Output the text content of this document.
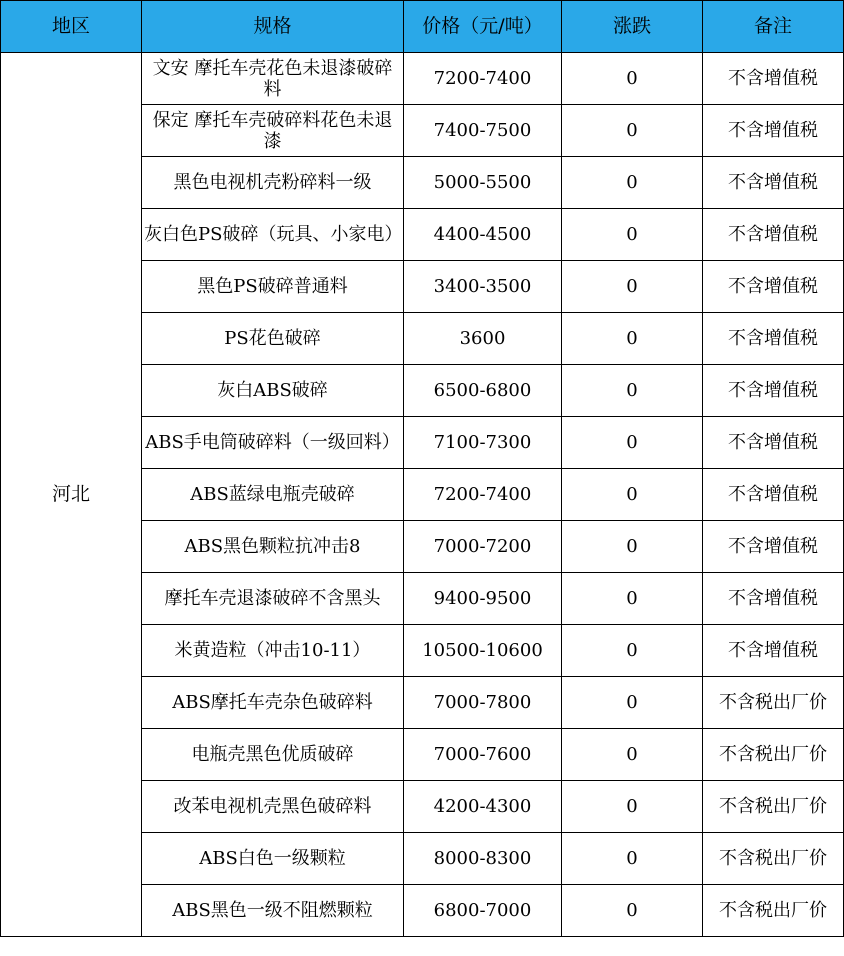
地区	规格	价格（元/吨）	涨跌	备注
河北	文安 摩托车壳花色未退漆破碎料	7200-7400	0	不含增值税
	保定 摩托车壳破碎料花色未退漆	7400-7500	0	不含增值税
	黑色电视机壳粉碎料一级	5000-5500	0	不含增值税
	灰白色PS破碎（玩具、小家电）	4400-4500	0	不含增值税
	黑色PS破碎普通料	3400-3500	0	不含增值税
	PS花色破碎	3600	0	不含增值税
	灰白ABS破碎	6500-6800	0	不含增值税
	ABS手电筒破碎料（一级回料）	7100-7300	0	不含增值税
	ABS蓝绿电瓶壳破碎	7200-7400	0	不含增值税
	ABS黑色颗粒抗冲击8	7000-7200	0	不含增值税
	摩托车壳退漆破碎不含黑头	9400-9500	0	不含增值税
	米黄造粒（冲击10-11）	10500-10600	0	不含增值税
	ABS摩托车壳杂色破碎料	7000-7800	0	不含税出厂价
	电瓶壳黑色优质破碎	7000-7600	0	不含税出厂价
	改苯电视机壳黑色破碎料	4200-4300	0	不含税出厂价
	ABS白色一级颗粒	8000-8300	0	不含税出厂价
	ABS黑色一级不阻燃颗粒	6800-7000	0	不含税出厂价
